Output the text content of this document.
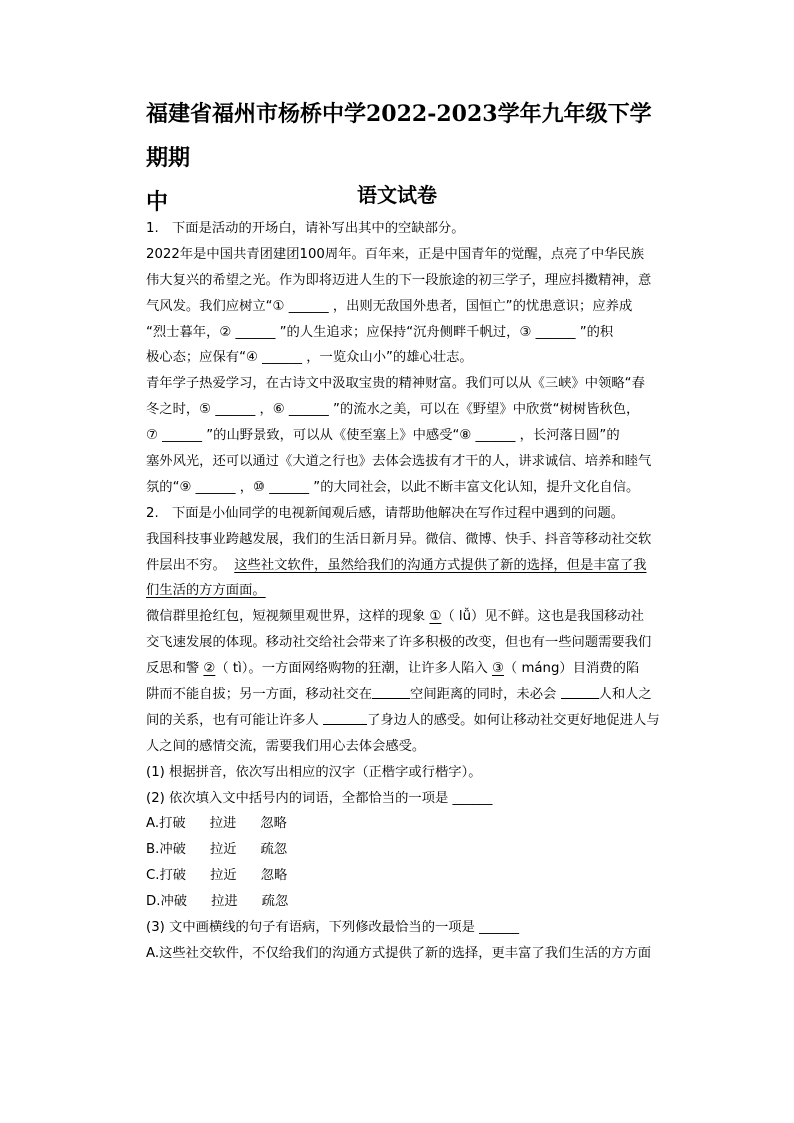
福建省福州市杨桥中学2022-2023学年九年级下学期期
中	语文试卷
1.　下面是活动的开场白，请补写出其中的空缺部分。
2022年是中国共青团建团100周年。百年来，正是中国青年的觉醒，点亮了中华民族
伟大复兴的希望之光。作为即将迈进人生的下一段旅途的初三学子，理应抖擞精神，意
气风发。我们应树立“① ______ ，出则无敌国外患者，国恒亡”的忧患意识；应养成
“烈士暮年，② ______ ”的人生追求；应保持“沉舟侧畔千帆过，③ ______ ”的积
极心态；应保有“④ ______ ，一览众山小”的雄心壮志。
青年学子热爱学习，在古诗文中汲取宝贵的精神财富。我们可以从《三峡》中领略“春
冬之时，⑤ ______ ，⑥ ______ ”的流水之美，可以在《野望》中欣赏“树树皆秋色，
⑦ ______ ”的山野景致，可以从《使至塞上》中感受“⑧ ______ ，长河落日圆”的
塞外风光，还可以通过《大道之行也》去体会选拔有才干的人，讲求诚信、培养和睦气
氛的“⑨ ______ ，⑩ ______ ”的大同社会，以此不断丰富文化认知，提升文化自信。
2.　下面是小仙同学的电视新闻观后感，请帮助他解决在写作过程中遇到的问题。
我国科技事业跨越发展，我们的生活日新月异。微信、微博、快手、抖音等移动社交软
件层出不穷。 这些社文软件，虽然给我们的沟通方式提供了新的选择，但是丰富了我
们生活的方方面面。
微信群里抢红包，短视频里观世界，这样的现象 ①（ lǚ）见不鲜。这也是我国移动社
交飞速发展的体现。移动社交给社会带来了许多积极的改变，但也有一些问题需要我们
反思和警 ②（ tì）。一方面网络购物的狂潮，让许多人陷入 ③（ máng）目消费的陷
阱而不能自拔；另一方面，移动社交在	空间距离的同时，未必会	人和人之
间的关系，也有可能让许多人	了身边人的感受。如何让移动社交更好地促进人与
人之间的感情交流，需要我们用心去体会感受。
(1) 根据拼音，依次写出相应的汉字（正楷字或行楷字）。
(2) 依次填入文中括号内的词语，全都恰当的一项是 ______
A.打破 拉进 忽略
B.冲破 拉近 疏忽
C.打破 拉近 忽略
D.冲破 拉进 疏忽
(3) 文中画横线的句子有语病，下列修改最恰当的一项是 ______
A.这些社交软件，不仅给我们的沟通方式提供了新的选择，更丰富了我们生活的方方面
